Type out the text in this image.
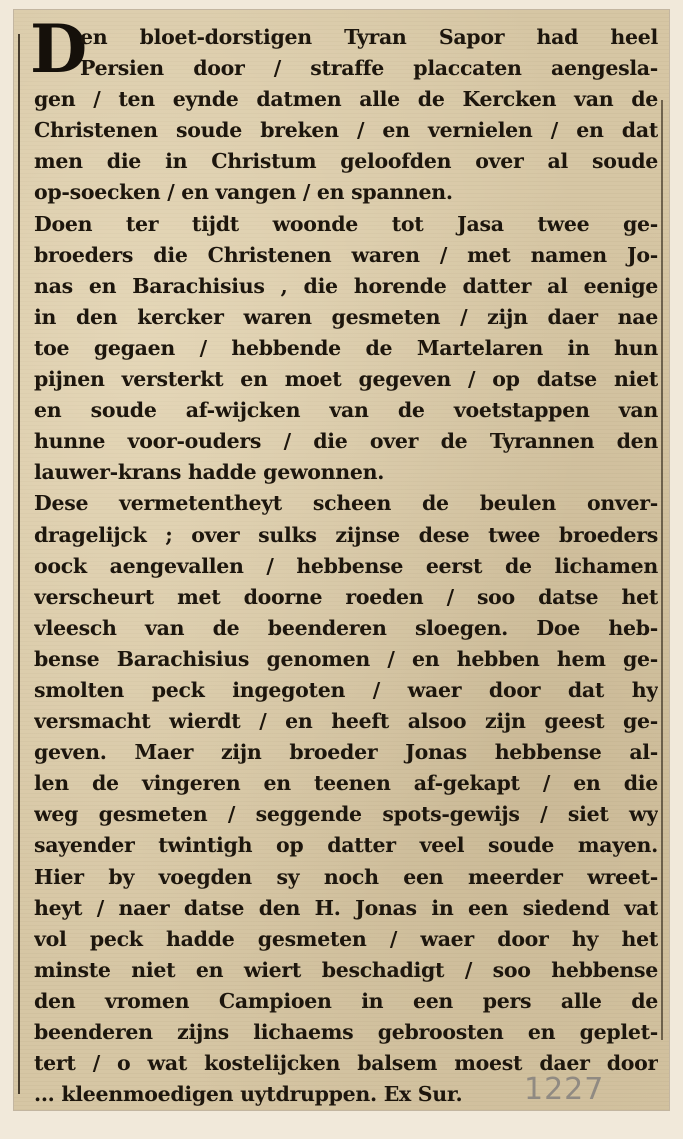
D
en bloet-dorstigen Tyran Sapor had heel
Persien door / straffe placcaten aengesla-
gen / ten eynde datmen alle de Kercken van de
Christenen soude breken / en vernielen / en dat
men die in Christum geloofden over al soude
op-soecken / en vangen / en spannen.
Doen ter tijdt woonde tot Jasa twee ge-
broeders die Christenen waren / met namen Jo-
nas en Barachisius , die horende datter al eenige
in den kercker waren gesmeten / zijn daer nae
toe gegaen / hebbende de Martelaren in hun
pijnen versterkt en moet gegeven / op datse niet
en soude af-wijcken van de voetstappen van
hunne voor-ouders / die over de Tyrannen den
lauwer-krans hadde gewonnen.
Dese vermetentheyt scheen de beulen onver-
dragelijck ; over sulks zijnse dese twee broeders
oock aengevallen / hebbense eerst de lichamen
verscheurt met doorne roeden / soo datse het
vleesch van de beenderen sloegen. Doe heb-
bense Barachisius genomen / en hebben hem ge-
smolten peck ingegoten / waer door dat hy
versmacht wierdt / en heeft alsoo zijn geest ge-
geven. Maer zijn broeder Jonas hebbense al-
len de vingeren en teenen af-gekapt / en die
weg gesmeten / seggende spots-gewijs / siet wy
sayender twintigh op datter veel soude mayen.
Hier by voegden sy noch een meerder wreet-
heyt / naer datse den H. Jonas in een siedend vat
vol peck hadde gesmeten / waer door hy het
minste niet en wiert beschadigt / soo hebbense
den vromen Campioen in een pers alle de
beenderen zijns lichaems gebroosten en geplet-
tert / o wat kostelijcken balsem moest daer door
... kleenmoedigen uytdruppen. Ex Sur.	1227
